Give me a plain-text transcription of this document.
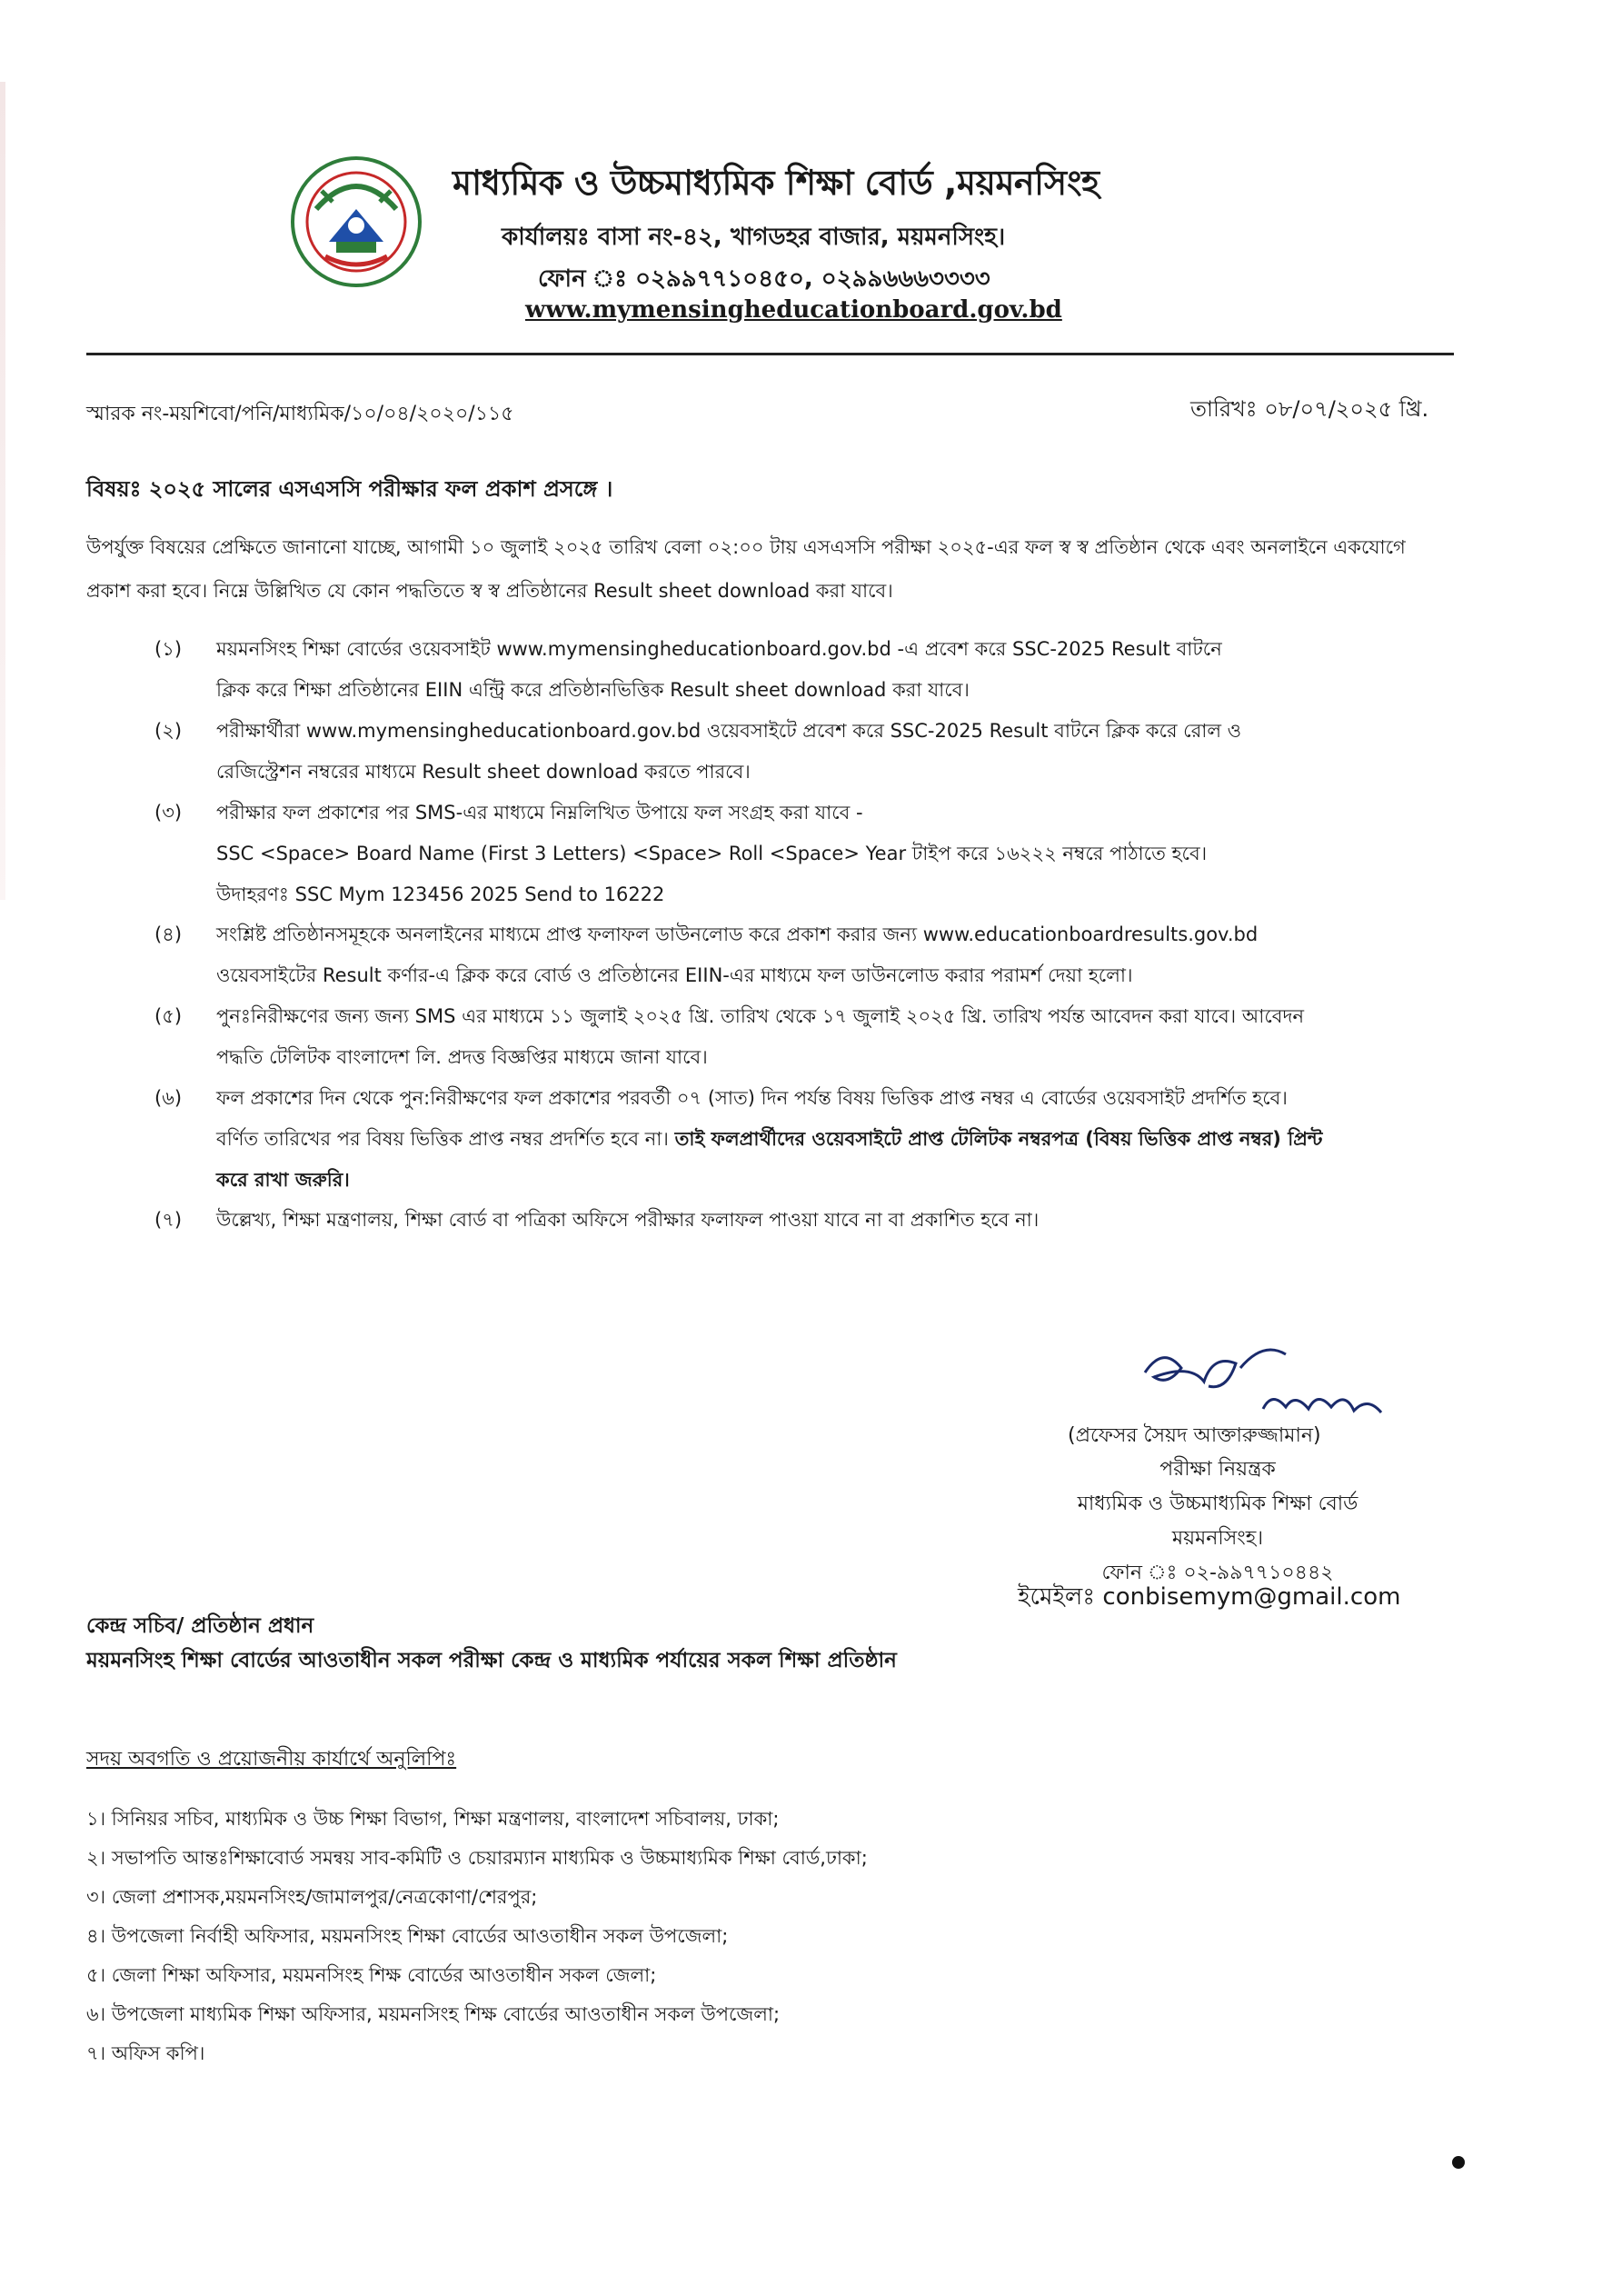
মাধ্যমিক ও উচ্চমাধ্যমিক শিক্ষা বোর্ড ,ময়মনসিংহ
কার্যালয়ঃ বাসা নং-৪২, খাগডহর বাজার, ময়মনসিংহ।
ফোন ঃ ০২৯৯৭৭১০৪৫০, ০২৯৯৬৬৬৩৩৩৩
www.mymensingheducationboard.gov.bd
স্মারক নং-ময়শিবো/পনি/মাধ্যমিক/১০/০৪/২০২০/১১৫	তারিখঃ ০৮/০৭/২০২৫ খ্রি.
বিষয়ঃ ২০২৫ সালের এসএসসি পরীক্ষার ফল প্রকাশ প্রসঙ্গে ।
উপর্যুক্ত বিষয়ের প্রেক্ষিতে জানানো যাচ্ছে, আগামী ১০ জুলাই ২০২৫ তারিখ বেলা ০২:০০ টায় এসএসসি পরীক্ষা ২০২৫-এর ফল স্ব স্ব প্রতিষ্ঠান থেকে এবং অনলাইনে একযোগে প্রকাশ করা হবে। নিম্নে উল্লিখিত যে কোন পদ্ধতিতে স্ব স্ব প্রতিষ্ঠানের Result sheet download করা যাবে।
(১)	ময়মনসিংহ শিক্ষা বোর্ডের ওয়েবসাইট www.mymensingheducationboard.gov.bd -এ প্রবেশ করে SSC-2025 Result বাটনে
ক্লিক করে শিক্ষা প্রতিষ্ঠানের EIIN এন্ট্রি করে প্রতিষ্ঠানভিত্তিক Result sheet download করা যাবে।
(২)	পরীক্ষার্থীরা www.mymensingheducationboard.gov.bd ওয়েবসাইটে প্রবেশ করে SSC-2025 Result বাটনে ক্লিক করে রোল ও
রেজিস্ট্রেশন নম্বরের মাধ্যমে Result sheet download করতে পারবে।
(৩)	পরীক্ষার ফল প্রকাশের পর SMS-এর মাধ্যমে নিম্নলিখিত উপায়ে ফল সংগ্রহ করা যাবে -
SSC <Space> Board Name (First 3 Letters) <Space> Roll <Space> Year টাইপ করে ১৬২২২ নম্বরে পাঠাতে হবে।
উদাহরণঃ SSC Mym 123456 2025 Send to 16222
(৪)	সংশ্লিষ্ট প্রতিষ্ঠানসমূহকে অনলাইনের মাধ্যমে প্রাপ্ত ফলাফল ডাউনলোড করে প্রকাশ করার জন্য www.educationboardresults.gov.bd
ওয়েবসাইটের Result কর্ণার-এ ক্লিক করে বোর্ড ও প্রতিষ্ঠানের EIIN-এর মাধ্যমে ফল ডাউনলোড করার পরামর্শ দেয়া হলো।
(৫)	পুনঃনিরীক্ষণের জন্য জন্য SMS এর মাধ্যমে ১১ জুলাই ২০২৫ খ্রি. তারিখ থেকে ১৭ জুলাই ২০২৫ খ্রি. তারিখ পর্যন্ত আবেদন করা যাবে। আবেদন
পদ্ধতি টেলিটক বাংলাদেশ লি. প্রদত্ত বিজ্ঞপ্তির মাধ্যমে জানা যাবে।
(৬)	ফল প্রকাশের দিন থেকে পুন:নিরীক্ষণের ফল প্রকাশের পরবর্তী ০৭ (সাত) দিন পর্যন্ত বিষয় ভিত্তিক প্রাপ্ত নম্বর এ বোর্ডের ওয়েবসাইট প্রদর্শিত হবে।
বর্ণিত তারিখের পর বিষয় ভিত্তিক প্রাপ্ত নম্বর প্রদর্শিত হবে না। তাই ফলপ্রার্থীদের ওয়েবসাইটে প্রাপ্ত টেলিটক নম্বরপত্র (বিষয় ভিত্তিক প্রাপ্ত নম্বর) প্রিন্ট
করে রাখা জরুরি।
(৭)	উল্লেখ্য, শিক্ষা মন্ত্রণালয়, শিক্ষা বোর্ড বা পত্রিকা অফিসে পরীক্ষার ফলাফল পাওয়া যাবে না বা প্রকাশিত হবে না।
(প্রফেসর সৈয়দ আক্তারুজ্জামান)
পরীক্ষা নিয়ন্ত্রক
মাধ্যমিক ও উচ্চমাধ্যমিক শিক্ষা বোর্ড
ময়মনসিংহ।
ফোন ঃ ০২-৯৯৭৭১০৪৪২
ইমেইলঃ conbisemym@gmail.com
কেন্দ্র সচিব/ প্রতিষ্ঠান প্রধান
ময়মনসিংহ শিক্ষা বোর্ডের আওতাধীন সকল পরীক্ষা কেন্দ্র ও মাধ্যমিক পর্যায়ের সকল শিক্ষা প্রতিষ্ঠান
সদয় অবগতি ও প্রয়োজনীয় কার্যার্থে অনুলিপিঃ
১। সিনিয়র সচিব, মাধ্যমিক ও উচ্চ শিক্ষা বিভাগ, শিক্ষা মন্ত্রণালয়, বাংলাদেশ সচিবালয়, ঢাকা;
২। সভাপতি আন্তঃশিক্ষাবোর্ড সমন্বয় সাব-কমিটি ও চেয়ারম্যান মাধ্যমিক ও উচ্চমাধ্যমিক শিক্ষা বোর্ড,ঢাকা;
৩। জেলা প্রশাসক,ময়মনসিংহ/জামালপুর/নেত্রকোণা/শেরপুর;
৪। উপজেলা নির্বাহী অফিসার, ময়মনসিংহ শিক্ষা বোর্ডের আওতাধীন সকল উপজেলা;
৫। জেলা শিক্ষা অফিসার, ময়মনসিংহ শিক্ষ বোর্ডের আওতাধীন সকল জেলা;
৬। উপজেলা মাধ্যমিক শিক্ষা অফিসার, ময়মনসিংহ শিক্ষ বোর্ডের আওতাধীন সকল উপজেলা;
৭। অফিস কপি।
